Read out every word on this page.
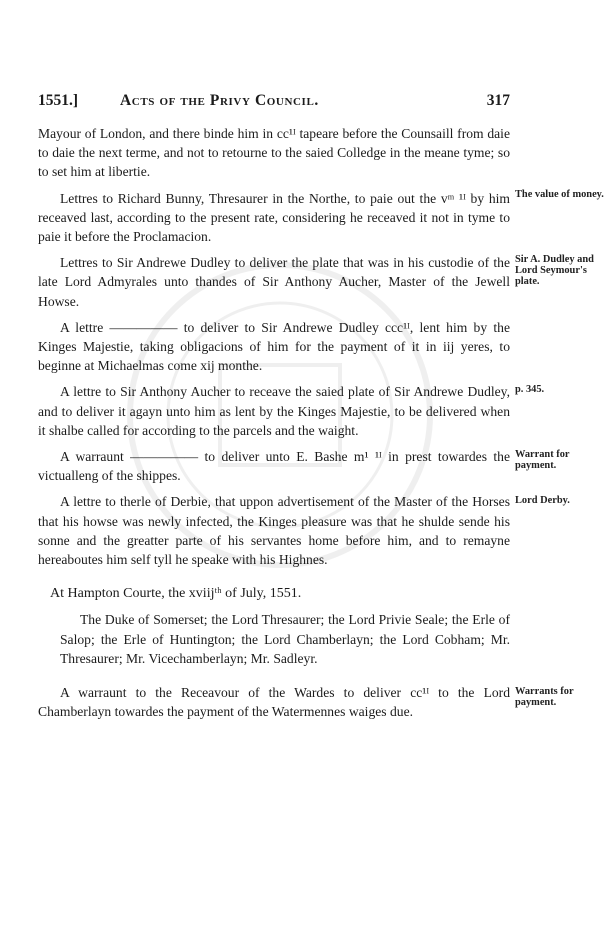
1551.]	Acts of the Privy Council.	317

Mayour of London, and there binde him in cc¹ᴵ tapeare before the Counsaill from daie to daie the next terme, and not to retourne to the saied Colledge in the meane tyme; so to set him at libertie.

Lettres to Richard Bunny, Thresaurer in the Northe, to paie out the vᵐ ¹ᴵ by him receaved last, according to the present rate, considering he receaved it not in tyme to paie it before the Proclamacion.
The value of money.
Lettres to Sir Andrewe Dudley to deliver the plate that was in his custodie of the late Lord Admyrales unto thandes of Sir Anthony Aucher, Master of the Jewell Howse.
Sir A. Dudley and Lord Seymour's plate.
A lettre ————— to deliver to Sir Andrewe Dudley ccc¹ᴵ, lent him by the Kinges Majestie, taking obligacions of him for the payment of it in iij yeres, to beginne at Michaelmas come xij monthe.
A lettre to Sir Anthony Aucher to receave the saied plate of Sir Andrewe Dudley, and to deliver it agayn unto him as lent by the Kinges Majestie, to be delivered when it shalbe called for according to the parcels and the waight.
p. 345.
A warraunt ————— to deliver unto E. Bashe m¹ ¹ᴵ in prest towardes the victualleng of the shippes.
Warrant for payment.
A lettre to therle of Derbie, that uppon advertisement of the Master of the Horses that his howse was newly infected, the Kinges pleasure was that he shulde sende his sonne and the greatter parte of his servantes home before him, and to remayne hereaboutes him self tyll he speake with his Highnes.
Lord Derby.

At Hampton Courte, the xviijᵗʰ of July, 1551.

The Duke of Somerset; the Lord Thresaurer; the Lord Privie Seale; the Erle of Salop; the Erle of Huntington; the Lord Chamberlayn; the Lord Cobham; Mr. Thresaurer; Mr. Vicechamberlayn; Mr. Sadleyr.

A warraunt to the Receavour of the Wardes to deliver cc¹ᴵ to the Lord Chamberlayn towardes the payment of the Watermennes waiges due.
Warrants for payment.
